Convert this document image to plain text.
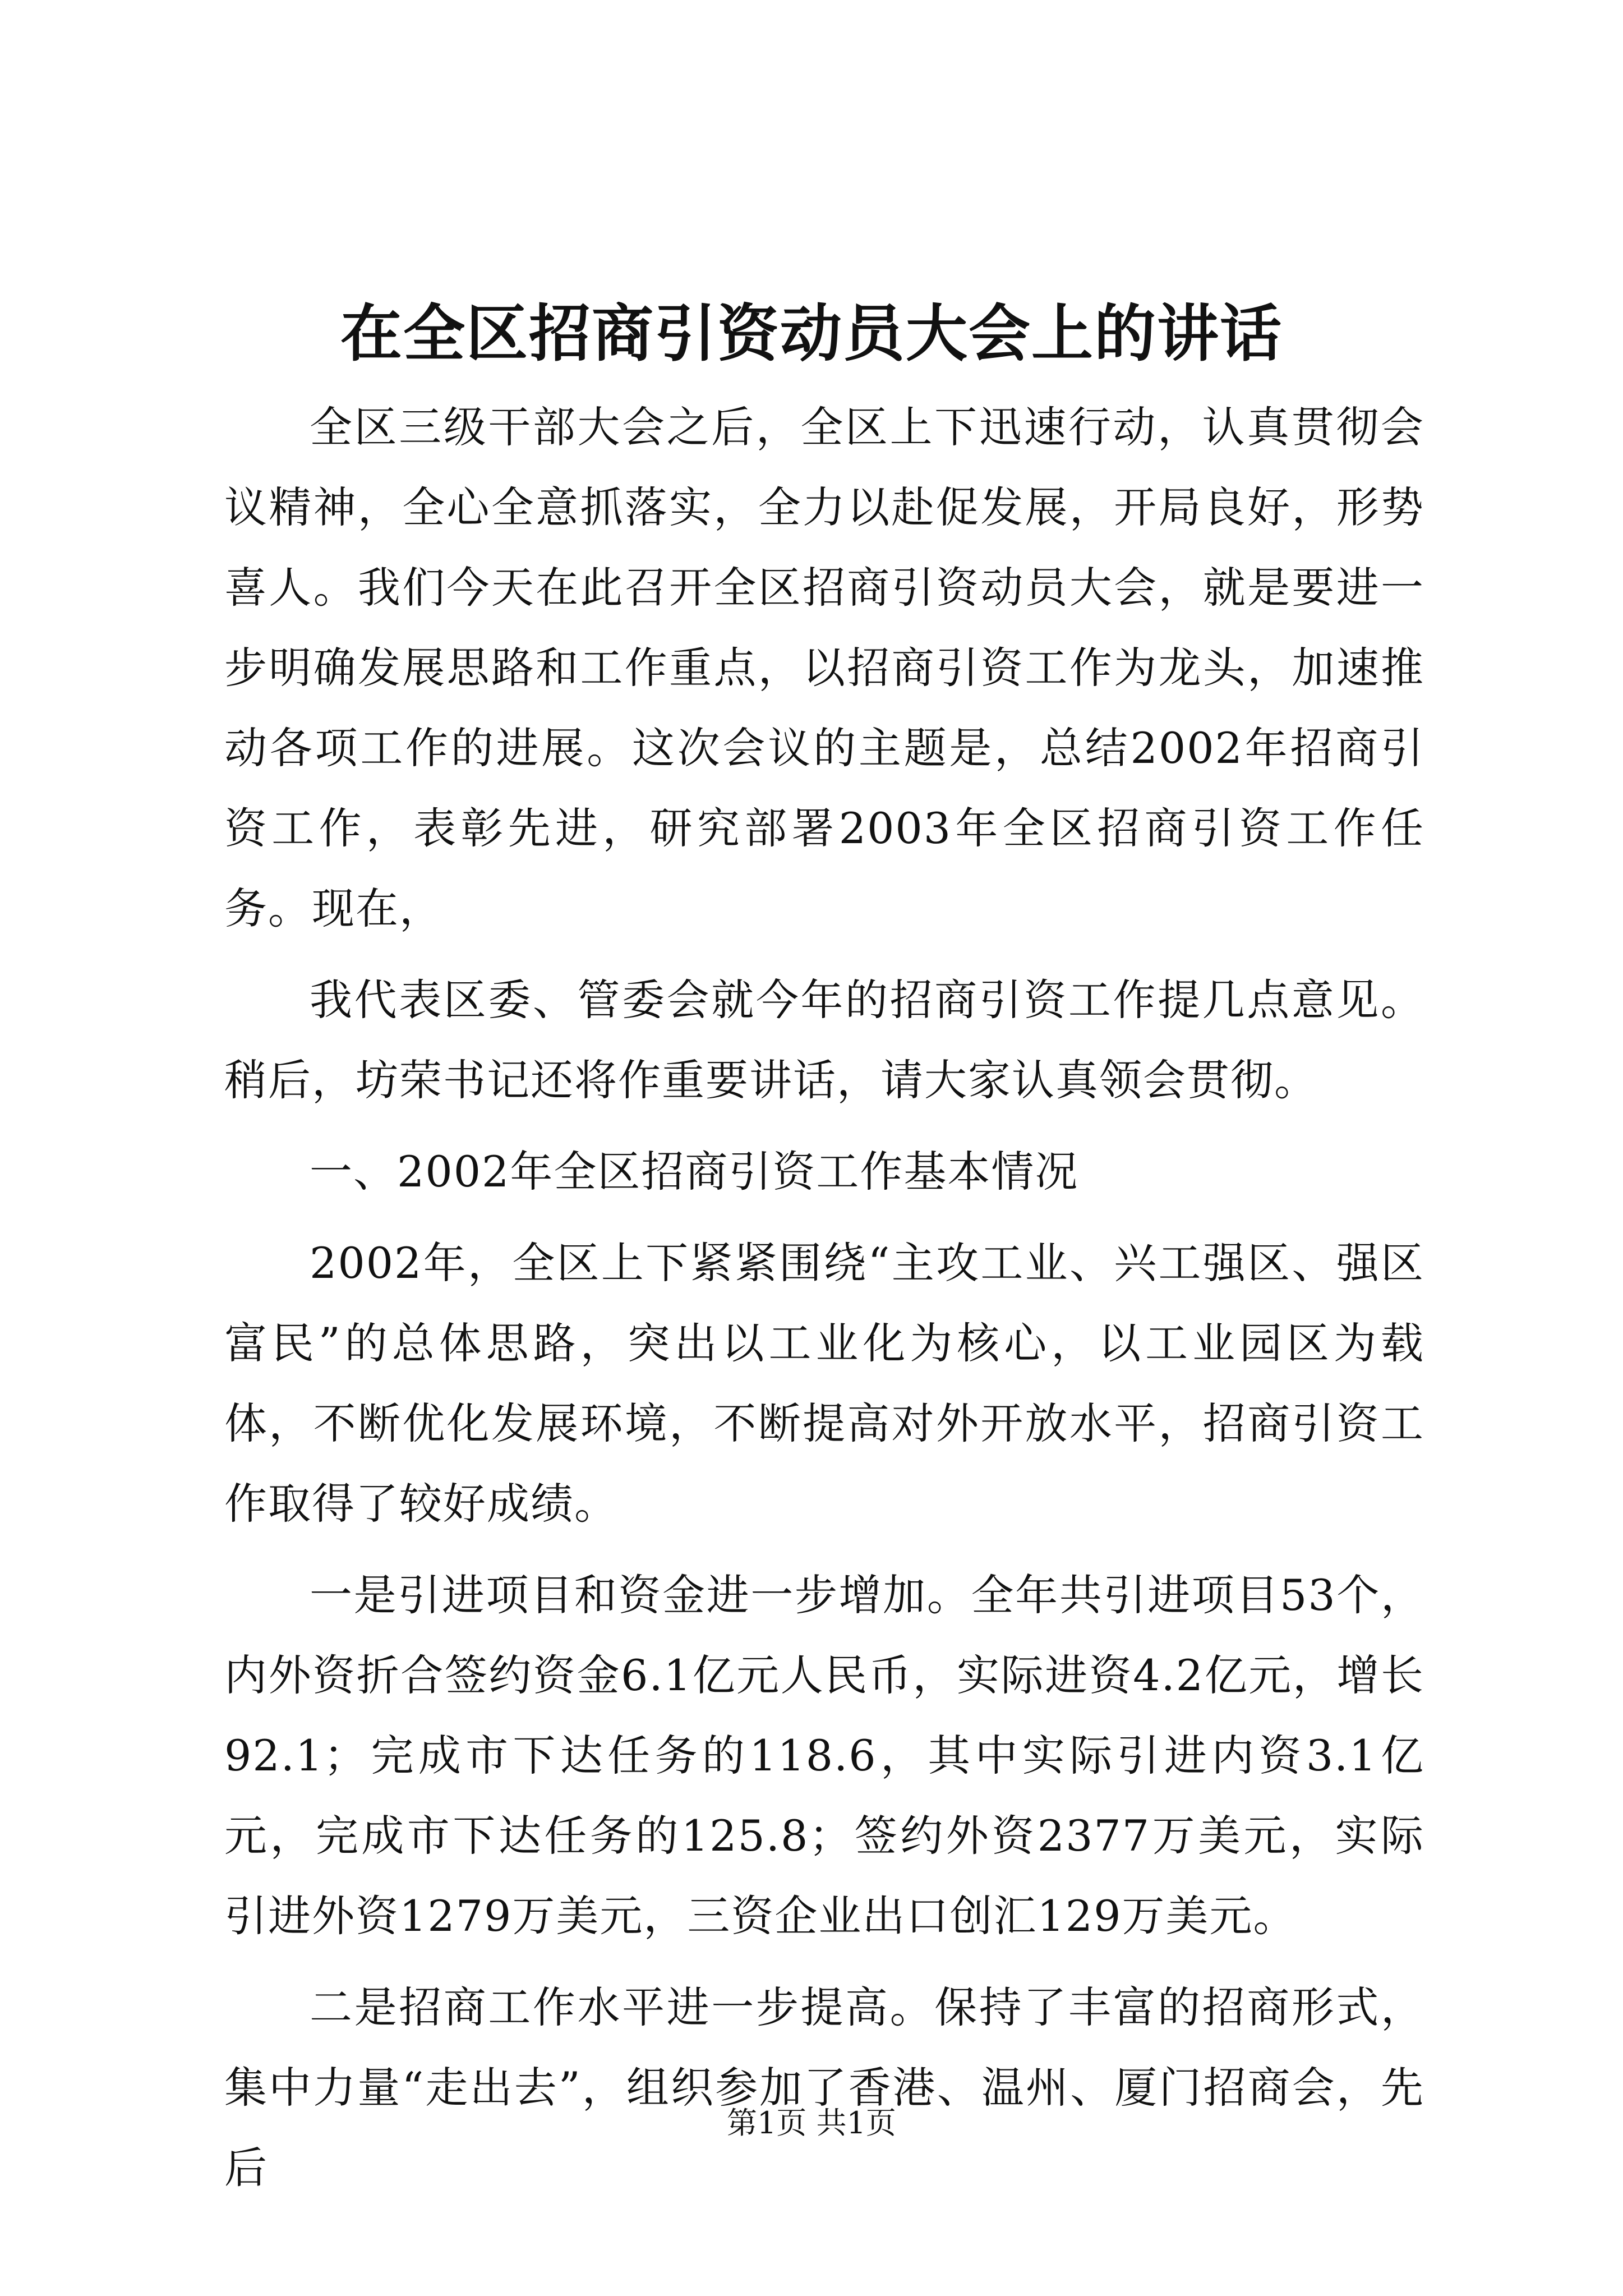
在全区招商引资动员大会上的讲话

全区三级干部大会之后，全区上下迅速行动，认真贯彻会议精神，全心全意抓落实，全力以赴促发展，开局良好，形势喜人。我们今天在此召开全区招商引资动员大会，就是要进一步明确发展思路和工作重点，以招商引资工作为龙头，加速推动各项工作的进展。这次会议的主题是，总结2002年招商引资工作，表彰先进，研究部署2003年全区招商引资工作任务。现在，

我代表区委、管委会就今年的招商引资工作提几点意见。稍后，坊荣书记还将作重要讲话，请大家认真领会贯彻。

一、2002年全区招商引资工作基本情况

2002年，全区上下紧紧围绕“主攻工业、兴工强区、强区富民”的总体思路，突出以工业化为核心，以工业园区为载体，不断优化发展环境，不断提高对外开放水平，招商引资工作取得了较好成绩。

一是引进项目和资金进一步增加。全年共引进项目53个，内外资折合签约资金6.1亿元人民币，实际进资4.2亿元，增长92.1；完成市下达任务的118.6，其中实际引进内资3.1亿元，完成市下达任务的125.8；签约外资2377万美元，实际引进外资1279万美元，三资企业出口创汇129万美元。

二是招商工作水平进一步提高。保持了丰富的招商形式，集中力量“走出去”，组织参加了香港、温州、厦门招商会，先后

第1页 共1页
